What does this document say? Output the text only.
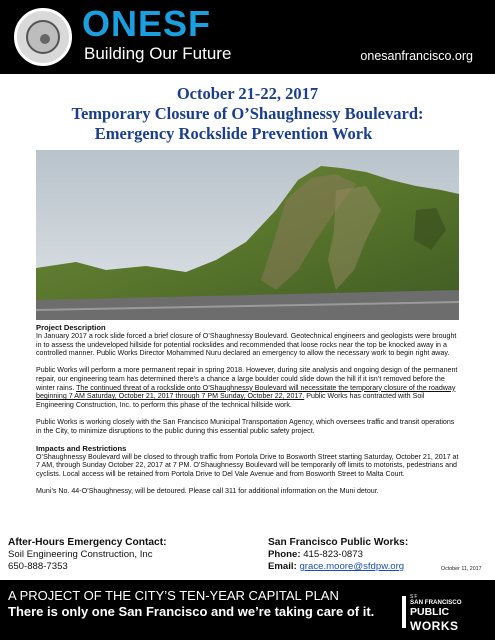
ONESF
Building Our Future	onesanfrancisco.org
October 21-22, 2017
Temporary Closure of O’Shaughnessy Boulevard:
Emergency Rockslide Prevention Work
Project Description

In January 2017 a rock slide forced a brief closure of O’Shaughnessy Boulevard. Geotechnical engineers and geologists were brought in to assess the undeveloped hillside for potential rockslides and recommended that loose rocks near the top be knocked away in a controlled manner. Public Works Director Mohammed Nuru declared an emergency to allow the necessary work to begin right away.

Public Works will perform a more permanent repair in spring 2018. However, during site analysis and ongoing design of the permanent repair, our engineering team has determined there’s a chance a large boulder could slide down the hill if it isn’t removed before the winter rains. The continued threat of a rockslide onto O’Shaughnessy Boulevard will necessitate the temporary closure of the roadway beginning 7 AM Saturday, October 21, 2017 through 7 PM Sunday, October 22, 2017. Public Works has contracted with Soil Engineering Construction, Inc. to perform this phase of the technical hillside work.

Public Works is working closely with the San Francisco Municipal Transportation Agency, which oversees traffic and transit operations in the City, to minimize disruptions to the public during this essential public safety project.

Impacts and Restrictions

O’Shaughnessy Boulevard will be closed to through traffic from Portola Drive to Bosworth Street starting Saturday, October 21, 2017 at 7 AM, through Sunday October 22, 2017 at 7 PM. O’Shaughnessy Boulevard will be temporarily off limits to motorists, pedestrians and cyclists. Local access will be retained from Portola Drive to Del Vale Avenue and from Bosworth Street to Malta Court.

Muni’s No. 44-O’Shaughnessy, will be detoured. Please call 311 for additional information on the Muni detour.

After-Hours Emergency Contact:
Soil Engineering Construction, Inc
650-888-7353
San Francisco Public Works:
Phone: 415-823-0873
Email: grace.moore@sfdpw.org	October 11, 2017
A PROJECT OF THE CITY’S TEN-YEAR CAPITAL PLAN
There is only one San Francisco and we’re taking care of it.
SF
SAN FRANCISCO
PUBLIC
WORKS
